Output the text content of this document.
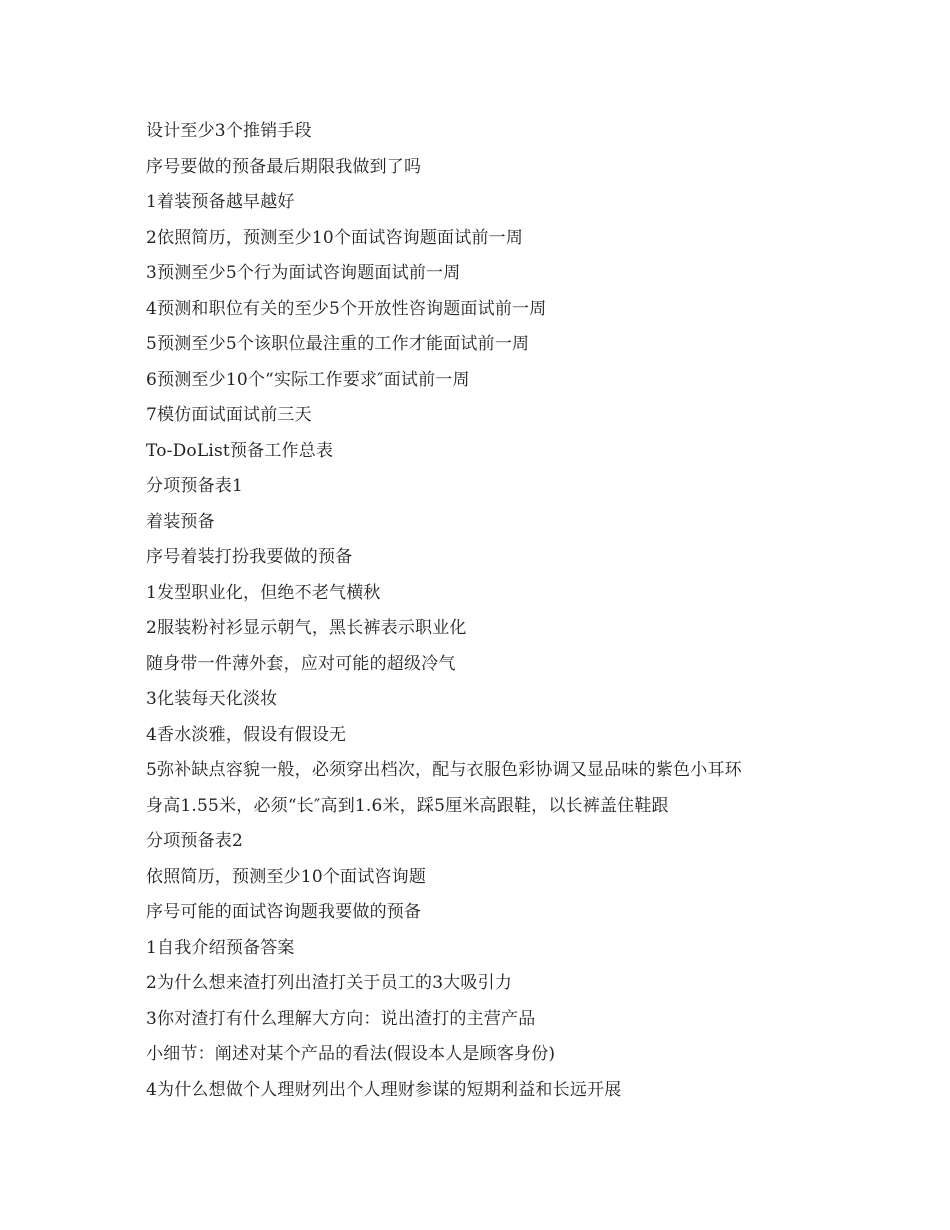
设计至少3个推销手段
序号要做的预备最后期限我做到了吗
1着装预备越早越好
2依照简历，预测至少10个面试咨询题面试前一周
3预测至少5个行为面试咨询题面试前一周
4预测和职位有关的至少5个开放性咨询题面试前一周
5预测至少5个该职位最注重的工作才能面试前一周
6预测至少10个“实际工作要求″面试前一周
7模仿面试面试前三天
To-DoList预备工作总表
分项预备表1
着装预备
序号着装打扮我要做的预备
1发型职业化，但绝不老气横秋
2服装粉衬衫显示朝气，黑长裤表示职业化
随身带一件薄外套，应对可能的超级冷气
3化装每天化淡妆
4香水淡雅，假设有假设无
5弥补缺点容貌一般，必须穿出档次，配与衣服色彩协调又显品味的紫色小耳环
身高1.55米，必须“长″高到1.6米，踩5厘米高跟鞋，以长裤盖住鞋跟
分项预备表2
依照简历，预测至少10个面试咨询题
序号可能的面试咨询题我要做的预备
1自我介绍预备答案
2为什么想来渣打列出渣打关于员工的3大吸引力
3你对渣打有什么理解大方向：说出渣打的主营产品
小细节：阐述对某个产品的看法(假设本人是顾客身份)
4为什么想做个人理财列出个人理财参谋的短期利益和长远开展
